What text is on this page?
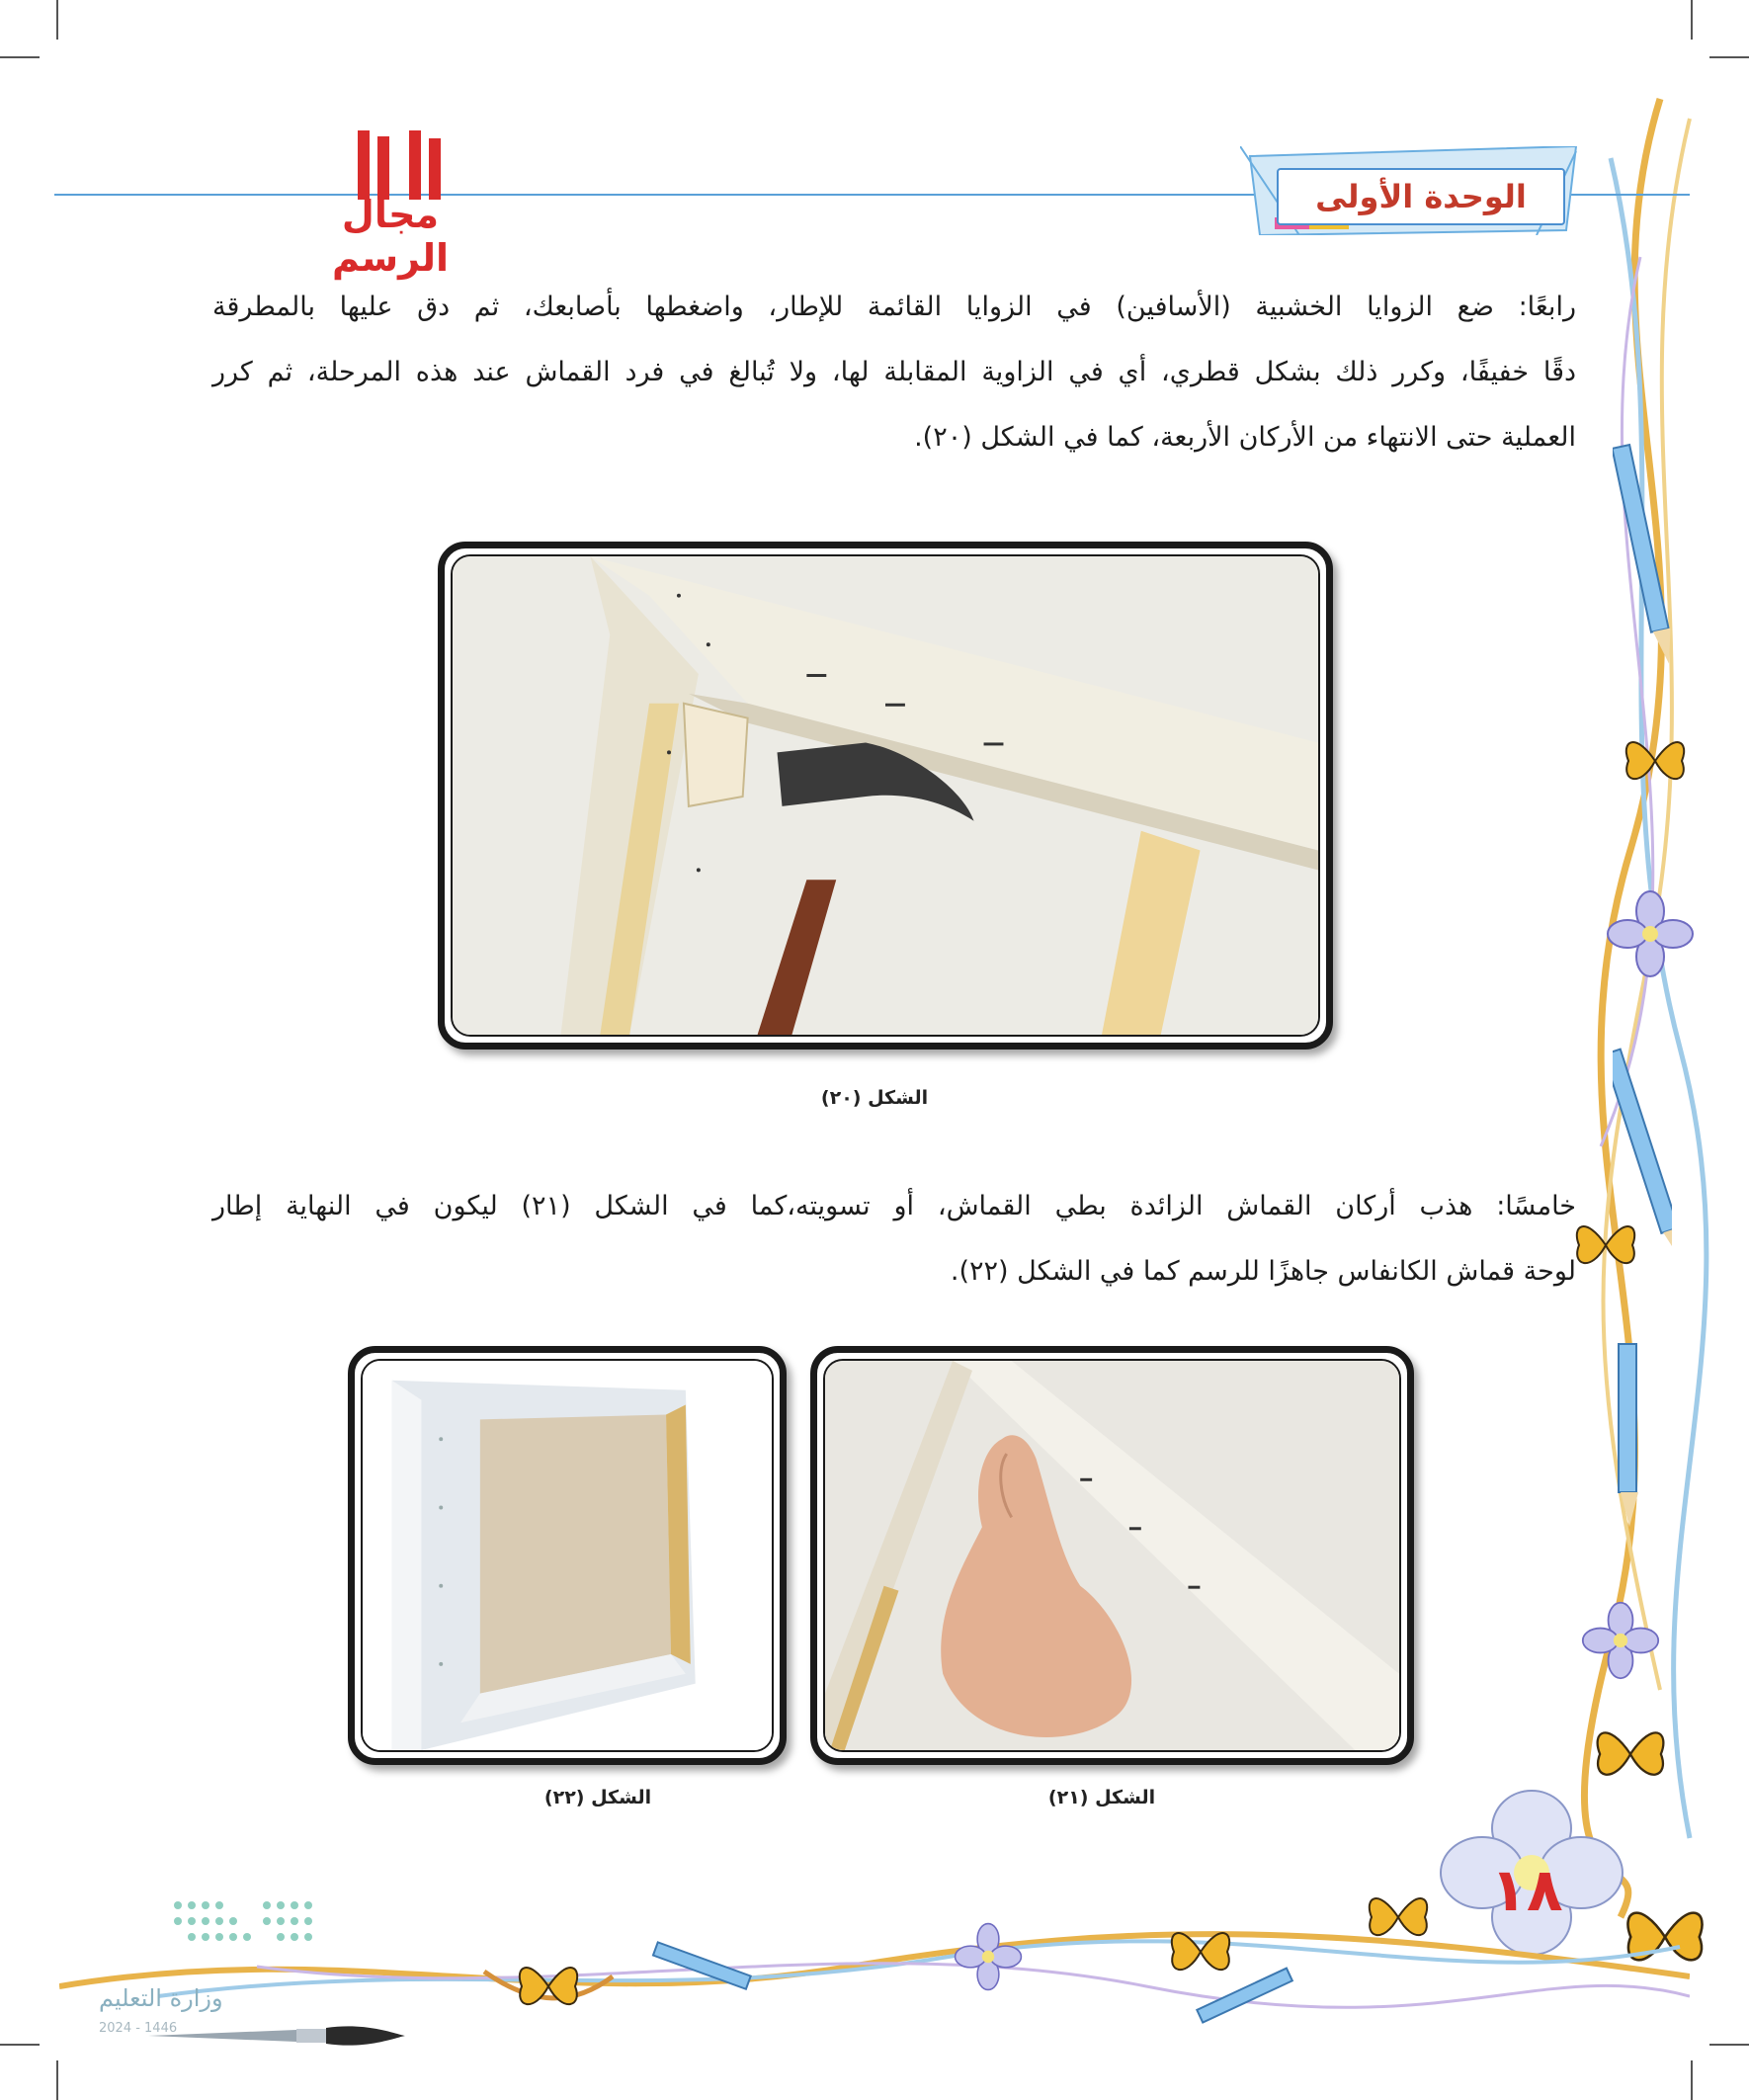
مجال الرسم
الوحدة الأولى

رابعًا: ضع الزوايا الخشبية (الأسافين) في الزوايا القائمة للإطار، واضغطها بأصابعك، ثم دق عليها بالمطرقة

دقًا خفيفًا، وكرر ذلك بشكل قطري، أي في الزاوية المقابلة لها، ولا تُبالغ في فرد القماش عند هذه المرحلة، ثم كرر

العملية حتى الانتهاء من الأركان الأربعة، كما في الشكل (٢٠).

الشكل (٢٠)

خامسًا: هذب أركان القماش الزائدة بطي القماش، أو تسويته،كما في الشكل (٢١) ليكون في النهاية إطار

لوحة قماش الكانفاس جاهزًا للرسم كما في الشكل (٢٢).

الشكل (٢١)
الشكل (٢٢)
١٨
وزارة التعليم
2024 - 1446
